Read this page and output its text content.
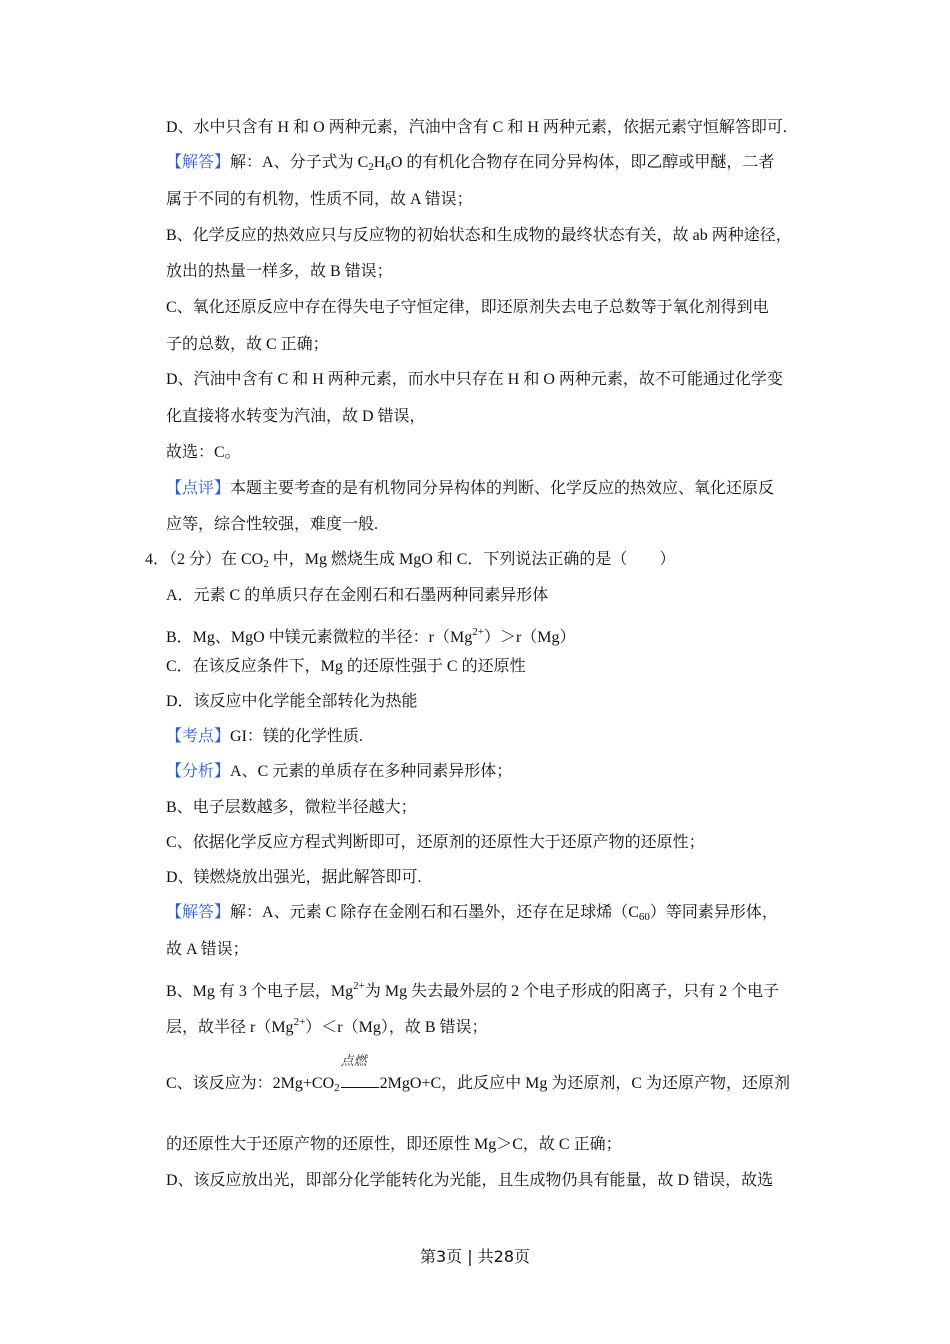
D、水中只含有 H 和 O 两种元素，汽油中含有 C 和 H 两种元素，依据元素守恒解答即可.
【解答】解：A、分子式为 $C_2H_6O$ 的有机化合物存在同分异构体，即乙醇或甲醚，二者
属于不同的有机物，性质不同，故 A 错误；
B、化学反应的热效应只与反应物的初始状态和生成物的最终状态有关，故 ab 两种途径，
放出的热量一样多，故 B 错误；
C、氧化还原反应中存在得失电子守恒定律，即还原剂失去电子总数等于氧化剂得到电
子的总数，故 C 正确；
D、汽油中含有 C 和 H 两种元素，而水中只存在 H 和 O 两种元素，故不可能通过化学变
化直接将水转变为汽油，故 D 错误，
故选：C。
【点评】本题主要考查的是有机物同分异构体的判断、化学反应的热效应、氧化还原反
应等，综合性较强，难度一般.
4．（2 分）在 $CO_2$ 中，Mg 燃烧生成 MgO 和 C．下列说法正确的是（　　）
A．元素 C 的单质只存在金刚石和石墨两种同素异形体
B．Mg、MgO 中镁元素微粒的半径：$r(Mg^{2+})>r(Mg)$
C．在该反应条件下，Mg 的还原性强于 C 的还原性
D．该反应中化学能全部转化为热能
【考点】GI：镁的化学性质.
【分析】A、C 元素的单质存在多种同素异形体；
B、电子层数越多，微粒半径越大；
C、依据化学反应方程式判断即可，还原剂的还原性大于还原产物的还原性；
D、镁燃烧放出强光，据此解答即可.
【解答】解：A、元素 C 除存在金刚石和石墨外，还存在足球烯$(C_{60})$等同素异形体，
故 A 错误；
B、Mg 有 3 个电子层，$Mg^{2+}$为 Mg 失去最外层的 2 个电子形成的阳离子，只有 2 个电子
层，故半径 $r(Mg^{2+})<r(Mg)$，故 B 错误；
C、该反应为：$2Mg+CO_2$
点燃
2MgO+C，此反应中 Mg 为还原剂，C 为还原产物，还原剂
的还原性大于还原产物的还原性，即还原性 Mg＞C，故 C 正确；
D、该反应放出光，即部分化学能转化为光能，且生成物仍具有能量，故 D 错误，故选
第3页 | 共28页
